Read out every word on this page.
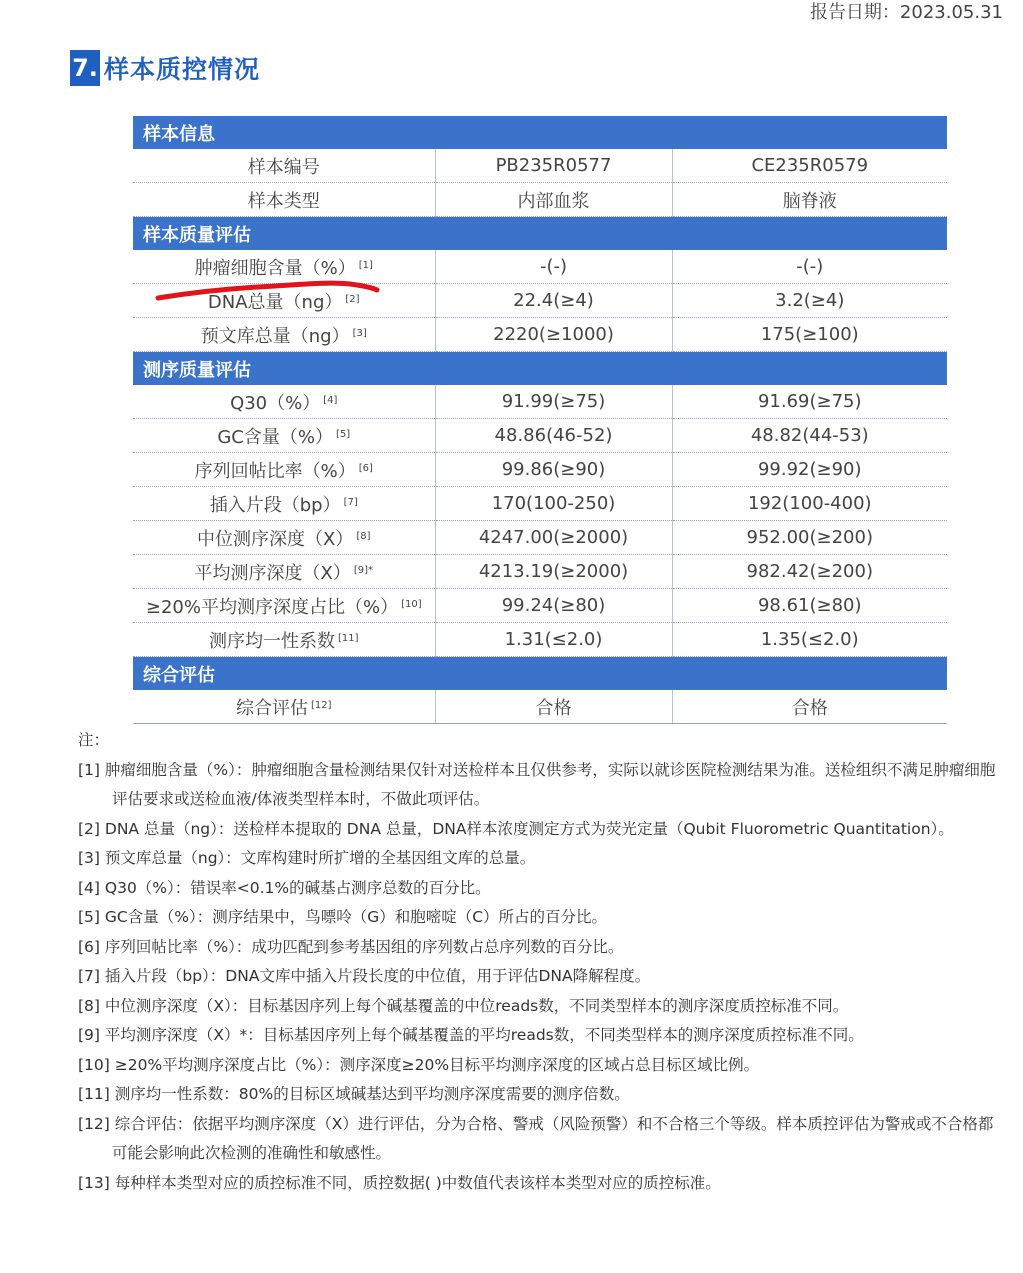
报告日期：2023.05.31
7. 样本质控情况
样本信息		
样本编号	PB235R0577	CE235R0579
样本类型	内部血浆	脑脊液
样本质量评估		
肿瘤细胞含量（%） [1]	-(-)	-(-)
DNA总量（ng） [2]	22.4(≥4)	3.2(≥4)
预文库总量（ng） [3]	2220(≥1000)	175(≥100)
测序质量评估		
Q30（%） [4]	91.99(≥75)	91.69(≥75)
GC含量（%） [5]	48.86(46-52)	48.82(44-53)
序列回帖比率（%） [6]	99.86(≥90)	99.92(≥90)
插入片段（bp） [7]	170(100-250)	192(100-400)
中位测序深度（X） [8]	4247.00(≥2000)	952.00(≥200)
平均测序深度（X） $^{[9]*}$	4213.19(≥2000)	982.42(≥200)
≥20%平均测序深度占比（%） [10]	99.24(≥80)	98.61(≥80)
测序均一性系数 [11]	1.31(≤2.0)	1.35(≤2.0)
综合评估		
综合评估 [12]	合格	合格
注：
[1] 肿瘤细胞含量（%）：肿瘤细胞含量检测结果仅针对送检样本且仅供参考，实际以就诊医院检测结果为准。送检组织不满足肿瘤细胞评估要求或送检血液/体液类型样本时，不做此项评估。
[2] DNA 总量（ng）：送检样本提取的 DNA 总量，DNA样本浓度测定方式为荧光定量（Qubit Fluorometric Quantitation）。
[3] 预文库总量（ng）：文库构建时所扩增的全基因组文库的总量。
[4] Q30（%）：错误率<0.1%的碱基占测序总数的百分比。
[5] GC含量（%）：测序结果中，鸟嘌呤（G）和胞嘧啶（C）所占的百分比。
[6] 序列回帖比率（%）：成功匹配到参考基因组的序列数占总序列数的百分比。
[7] 插入片段（bp）：DNA文库中插入片段长度的中位值，用于评估DNA降解程度。
[8] 中位测序深度（X）：目标基因序列上每个碱基覆盖的中位reads数，不同类型样本的测序深度质控标准不同。
[9] 平均测序深度（X）*：目标基因序列上每个碱基覆盖的平均reads数，不同类型样本的测序深度质控标准不同。
[10] ≥20%平均测序深度占比（%）：测序深度≥20%目标平均测序深度的区域占总目标区域比例。
[11] 测序均一性系数：80%的目标区域碱基达到平均测序深度需要的测序倍数。
[12] 综合评估：依据平均测序深度（X）进行评估，分为合格、警戒（风险预警）和不合格三个等级。样本质控评估为警戒或不合格都可能会影响此次检测的准确性和敏感性。
[13] 每种样本类型对应的质控标准不同，质控数据( )中数值代表该样本类型对应的质控标准。
